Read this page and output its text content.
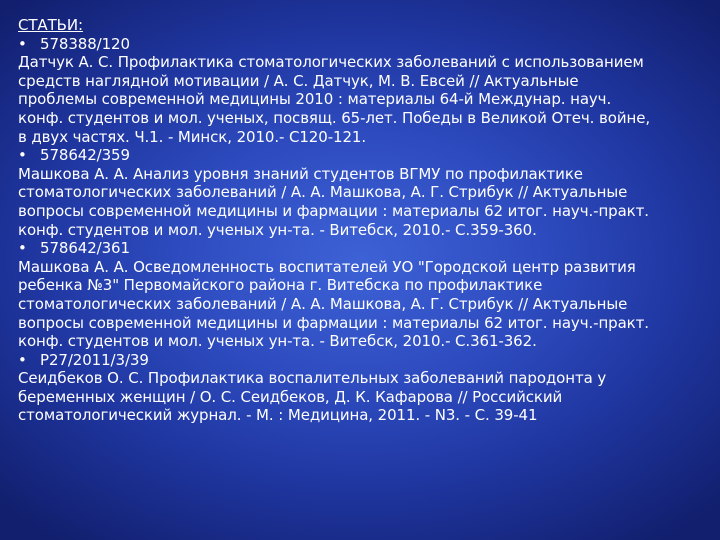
СТАТЬИ:
• 578388/120
Датчук А. С. Профилактика стоматологических заболеваний с использованием
средств наглядной мотивации / А. С. Датчук, М. В. Евсей // Актуальные
проблемы современной медицины 2010 : материалы 64-й Междунар. науч.
конф. студентов и мол. ученых, посвящ. 65-лет. Победы в Великой Отеч. войне,
в двух частях. Ч.1. - Минск, 2010.- С120-121.
• 578642/359
Машкова А. А. Анализ уровня знаний студентов ВГМУ по профилактике
стоматологических заболеваний / А. А. Машкова, А. Г. Стрибук // Актуальные
вопросы современной медицины и фармации : материалы 62 итог. науч.-практ.
конф. студентов и мол. ученых ун-та. - Витебск, 2010.- С.359-360.
• 578642/361
Машкова А. А. Осведомленность воспитателей УО "Городской центр развития
ребенка №3" Первомайского района г. Витебска по профилактике
стоматологических заболеваний / А. А. Машкова, А. Г. Стрибук // Актуальные
вопросы современной медицины и фармации : материалы 62 итог. науч.-практ.
конф. студентов и мол. ученых ун-та. - Витебск, 2010.- С.361-362.
• Р27/2011/3/39
Сеидбеков О. С. Профилактика воспалительных заболеваний пародонта у
беременных женщин / О. С. Сеидбеков, Д. К. Кафарова // Российский
стоматологический журнал. - М. : Медицина, 2011. - N3. - С. 39-41
